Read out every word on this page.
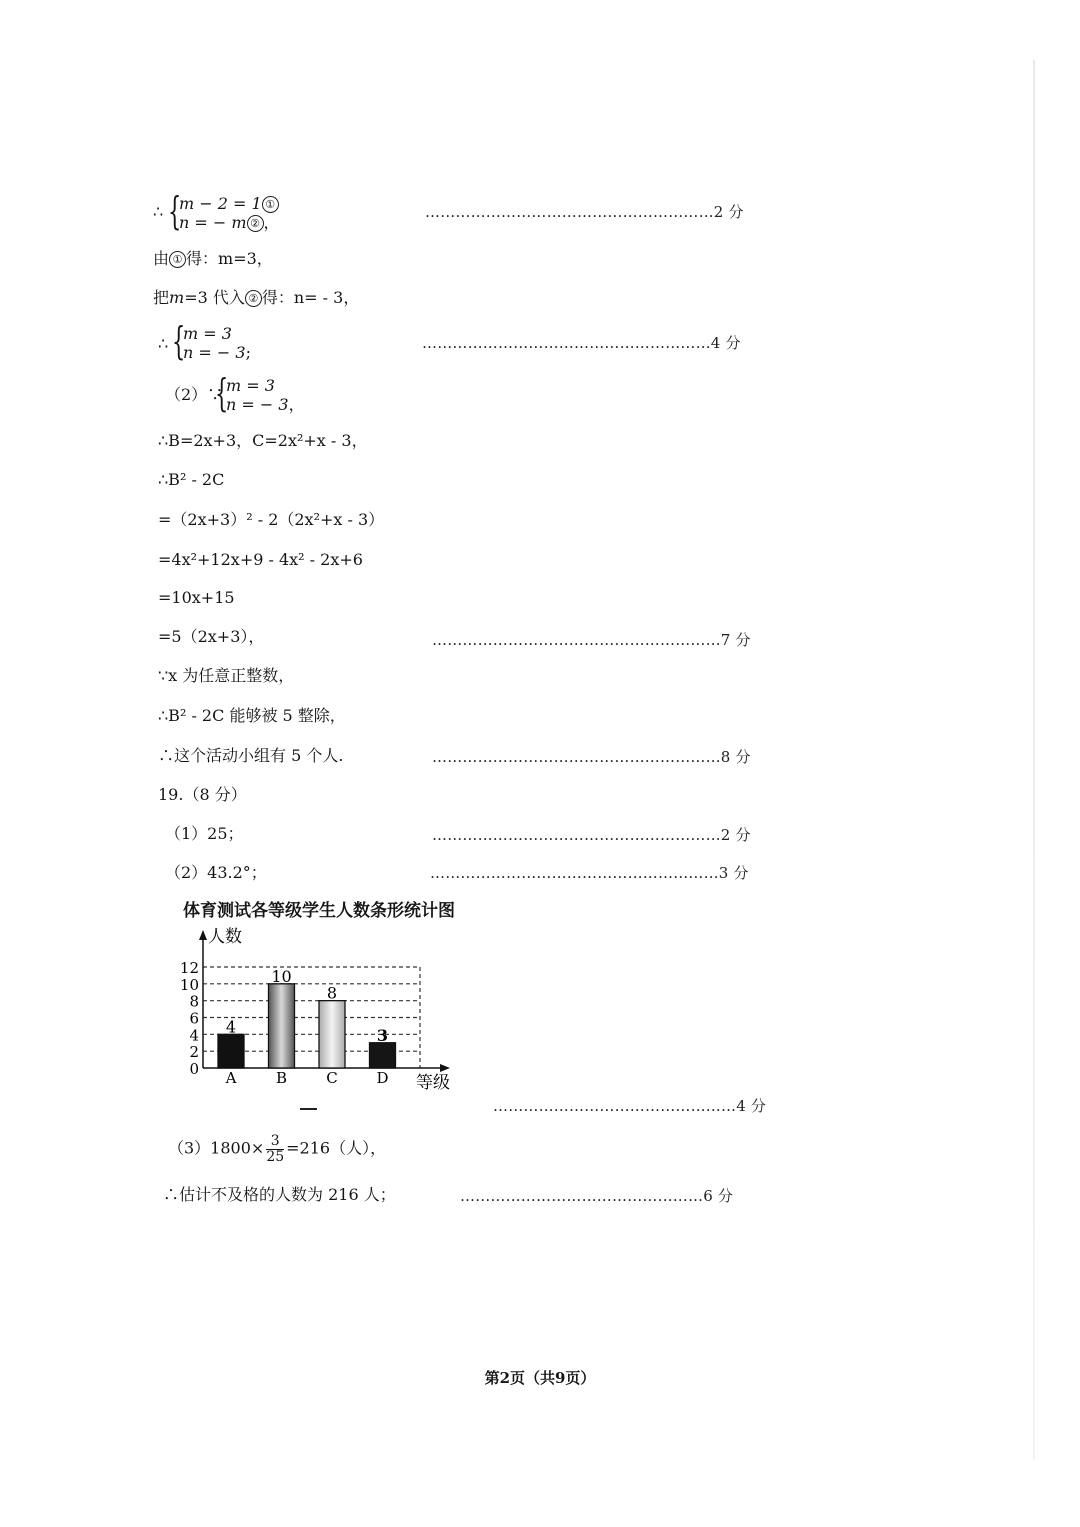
∴ {
m − 2 = 1 ①
n = − m ② ，
…………………………………………………2 分
由 ① 得：m=3，
把m=3 代入 ② 得：n= - 3，
∴ {
m = 3
n = − 3;
…………………………………………………4 分
（2）∵
{
m = 3
n = − 3，
∴B=2x+3，C=2x²+x - 3，
∴B² - 2C
=（2x+3）² - 2（2x²+x - 3）
=4x²+12x+9 - 4x² - 2x+6
=10x+15
=5（2x+3），	…………………………………………………7 分
∵x 为任意正整数，
∴B² - 2C 能够被 5 整除，
∴这个活动小组有 5 个人.	…………………………………………………8 分
19.（8 分）
（1）25；	…………………………………………………2 分
（2）43.2°；	…………………………………………………3 分
体育测试各等级学生人数条形统计图
0
2
4
6
8
10
12
人数
等级
4
A
10
B
8
C
3
D
…………………………………………4 分
$(3)1800\times \frac{3}{25} =216$（人），
∴估计不及格的人数为 216 人；	…………………………………………6 分
第2页（共9页）
